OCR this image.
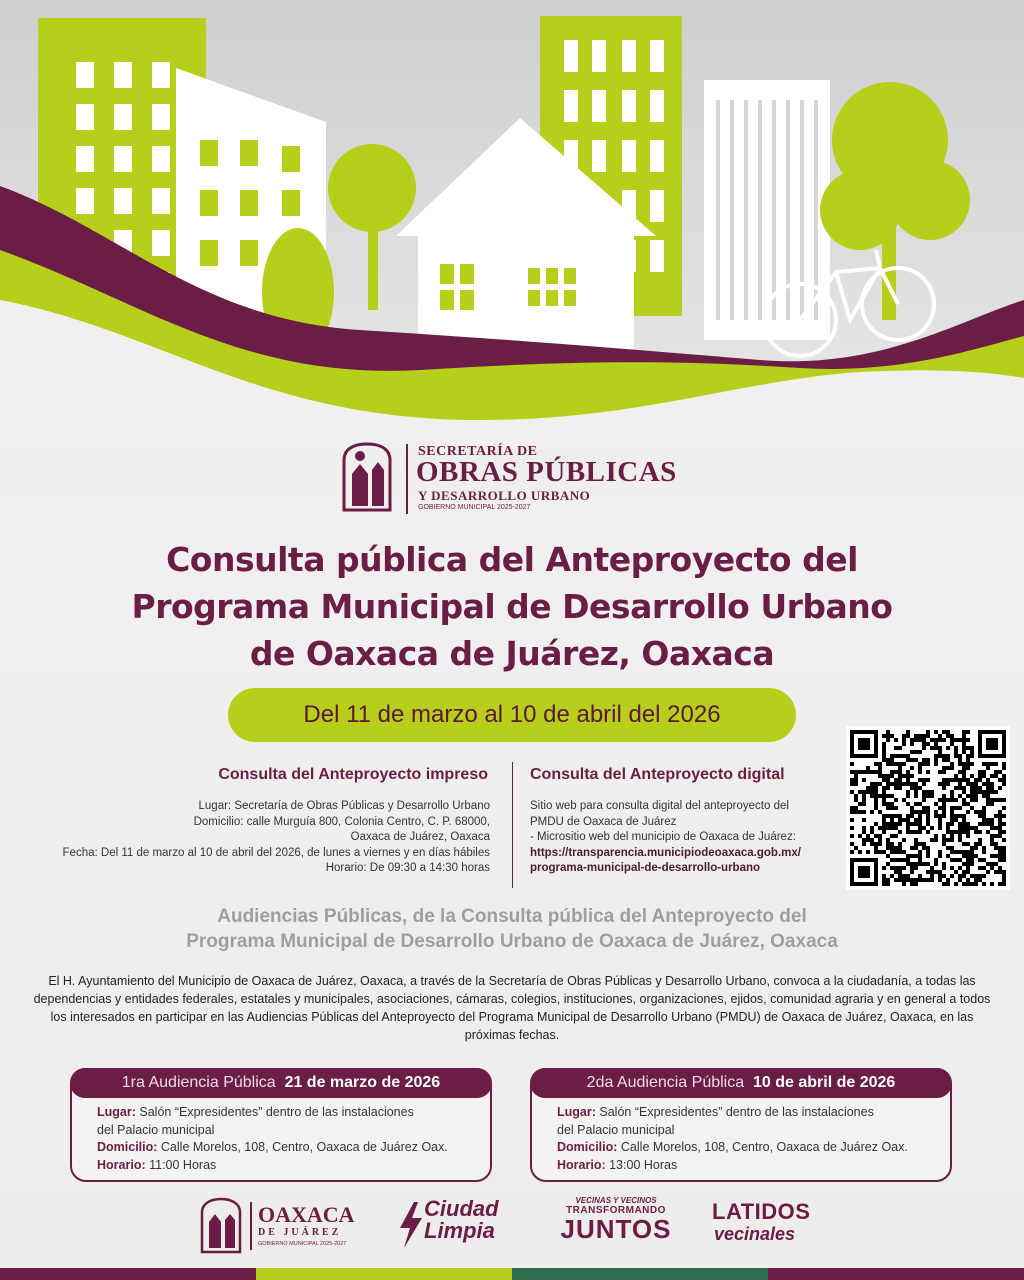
SECRETARÍA DE
OBRAS PÚBLICAS
Y DESARROLLO URBANO
GOBIERNO MUNICIPAL 2025-2027
Consulta pública del Anteproyecto del
Programa Municipal de Desarrollo Urbano
de Oaxaca de Juárez, Oaxaca
Del 11 de marzo al 10 de abril del 2026
Consulta del Anteproyecto impreso
Lugar: Secretaría de Obras Públicas y Desarrollo Urbano
Domicilio: calle Murguía 800, Colonia Centro, C. P. 68000,
Oaxaca de Juárez, Oaxaca
Fecha: Del 11 de marzo al 10 de abril del 2026, de lunes a viernes y en días hábiles
Horario: De 09:30 a 14:30 horas
Consulta del Anteproyecto digital
Sitio web para consulta digital del anteproyecto del
PMDU de Oaxaca de Juárez
- Micrositio web del municipio de Oaxaca de Juárez:
https://transparencia.municipiodeoaxaca.gob.mx/
programa-municipal-de-desarrollo-urbano
Audiencias Públicas, de la Consulta pública del Anteproyecto del
Programa Municipal de Desarrollo Urbano de Oaxaca de Juárez, Oaxaca
El H. Ayuntamiento del Municipio de Oaxaca de Juárez, Oaxaca, a través de la Secretaría de Obras Públicas y Desarrollo Urbano, convoca a la ciudadanía, a todas las dependencias y entidades federales, estatales y municipales, asociaciones, cámaras, colegios, instituciones, organizaciones, ejidos, comunidad agraria y en general a todos los interesados en participar en las Audiencias Públicas del Anteproyecto del Programa Municipal de Desarrollo Urbano (PMDU) de Oaxaca de Juárez, Oaxaca, en las próximas fechas.
1ra Audiencia Pública 21 de marzo de 2026
Lugar: Salón “Expresidentes” dentro de las instalaciones
del Palacio municipal
Domicilio: Calle Morelos, 108, Centro, Oaxaca de Juárez Oax.
Horario: 11:00 Horas
2da Audiencia Pública 10 de abril de 2026
Lugar: Salón “Expresidentes” dentro de las instalaciones
del Palacio municipal
Domicilio: Calle Morelos, 108, Centro, Oaxaca de Juárez Oax.
Horario: 13:00 Horas
OAXACA
DE JUÁREZ
GOBIERNO MUNICIPAL 2025-2027
Ciudad
Limpia
VECINAS Y VECINOS
TRANSFORMANDO
JUNTOS
LATIDOS
vecinales
